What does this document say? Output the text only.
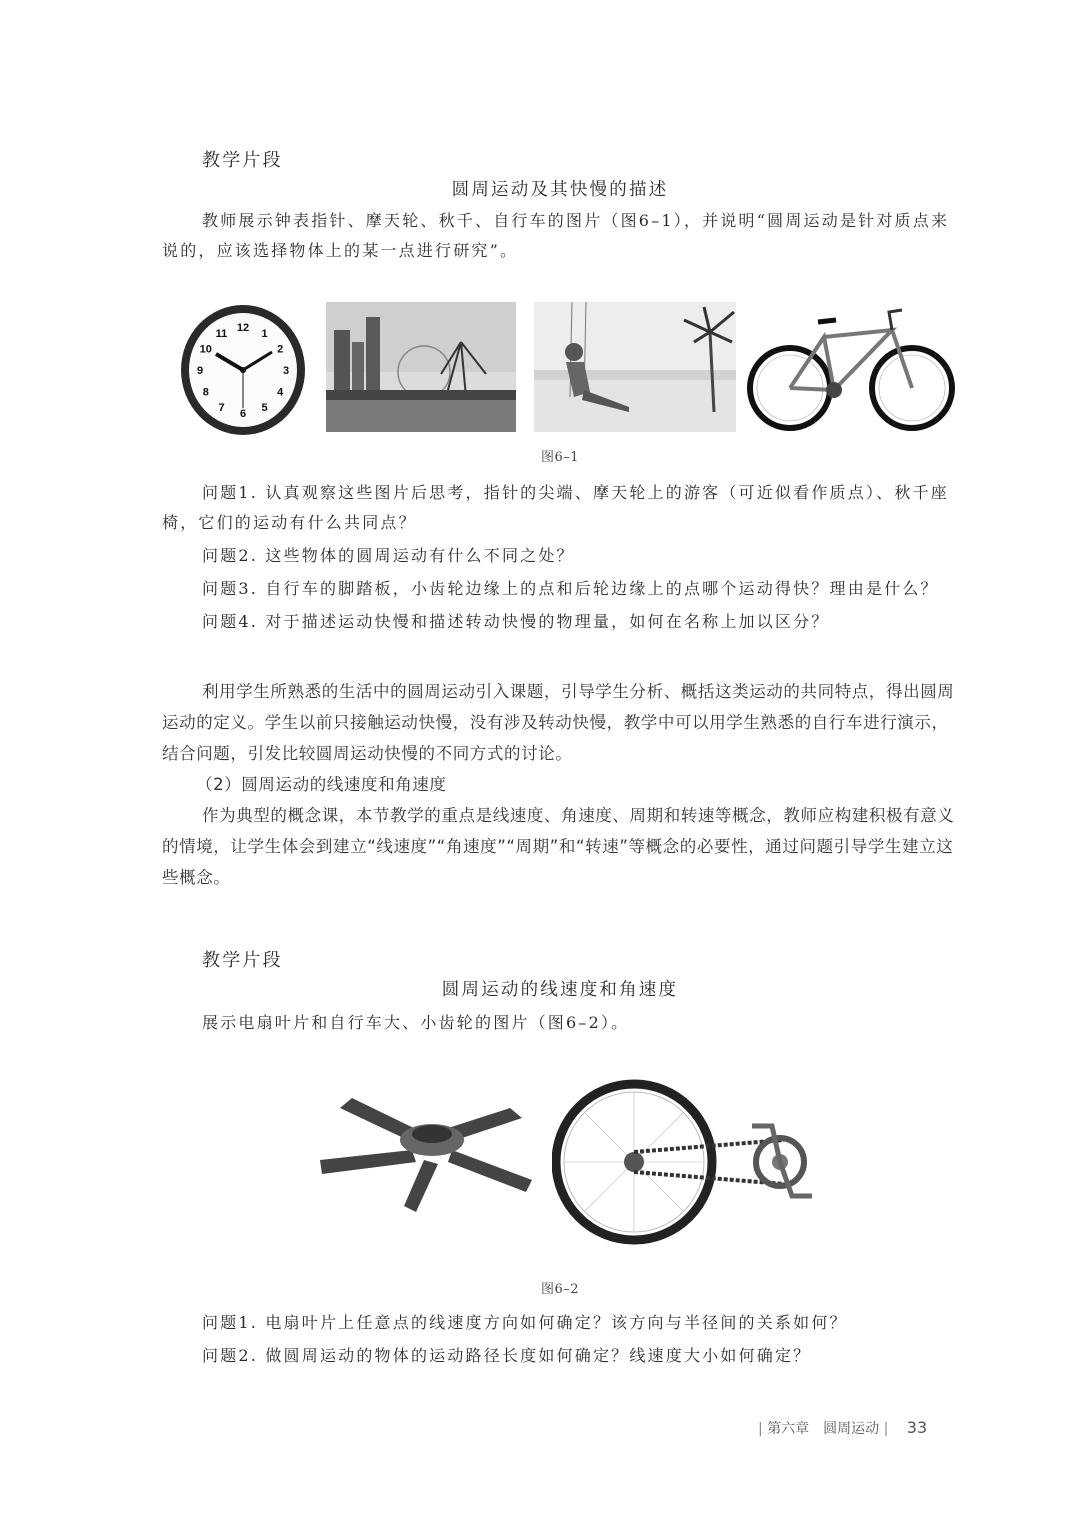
教学片段
圆周运动及其快慢的描述
教师展示钟表指针、摩天轮、秋千、自行车的图片（图6–1），并说明“圆周运动是针对质点来说的，应该选择物体上的某一点进行研究”。
12 1
2
3
4
5
6
7
8
9
10
11
图6–1
问题1. 认真观察这些图片后思考，指针的尖端、摩天轮上的游客（可近似看作质点）、秋千座椅，它们的运动有什么共同点？
问题2. 这些物体的圆周运动有什么不同之处？
问题3. 自行车的脚踏板，小齿轮边缘上的点和后轮边缘上的点哪个运动得快？理由是什么？
问题4. 对于描述运动快慢和描述转动快慢的物理量，如何在名称上加以区分？
利用学生所熟悉的生活中的圆周运动引入课题，引导学生分析、概括这类运动的共同特点，得出圆周运动的定义。学生以前只接触运动快慢，没有涉及转动快慢，教学中可以用学生熟悉的自行车进行演示，结合问题，引发比较圆周运动快慢的不同方式的讨论。
（2）圆周运动的线速度和角速度
作为典型的概念课，本节教学的重点是线速度、角速度、周期和转速等概念，教师应构建积极有意义的情境，让学生体会到建立“线速度”“角速度”“周期”和“转速”等概念的必要性，通过问题引导学生建立这些概念。
教学片段
圆周运动的线速度和角速度
展示电扇叶片和自行车大、小齿轮的图片（图6–2）。
图6–2
问题1. 电扇叶片上任意点的线速度方向如何确定？该方向与半径间的关系如何？
问题2. 做圆周运动的物体的运动路径长度如何确定？线速度大小如何确定？
| 第六章　圆周运动 | 33
